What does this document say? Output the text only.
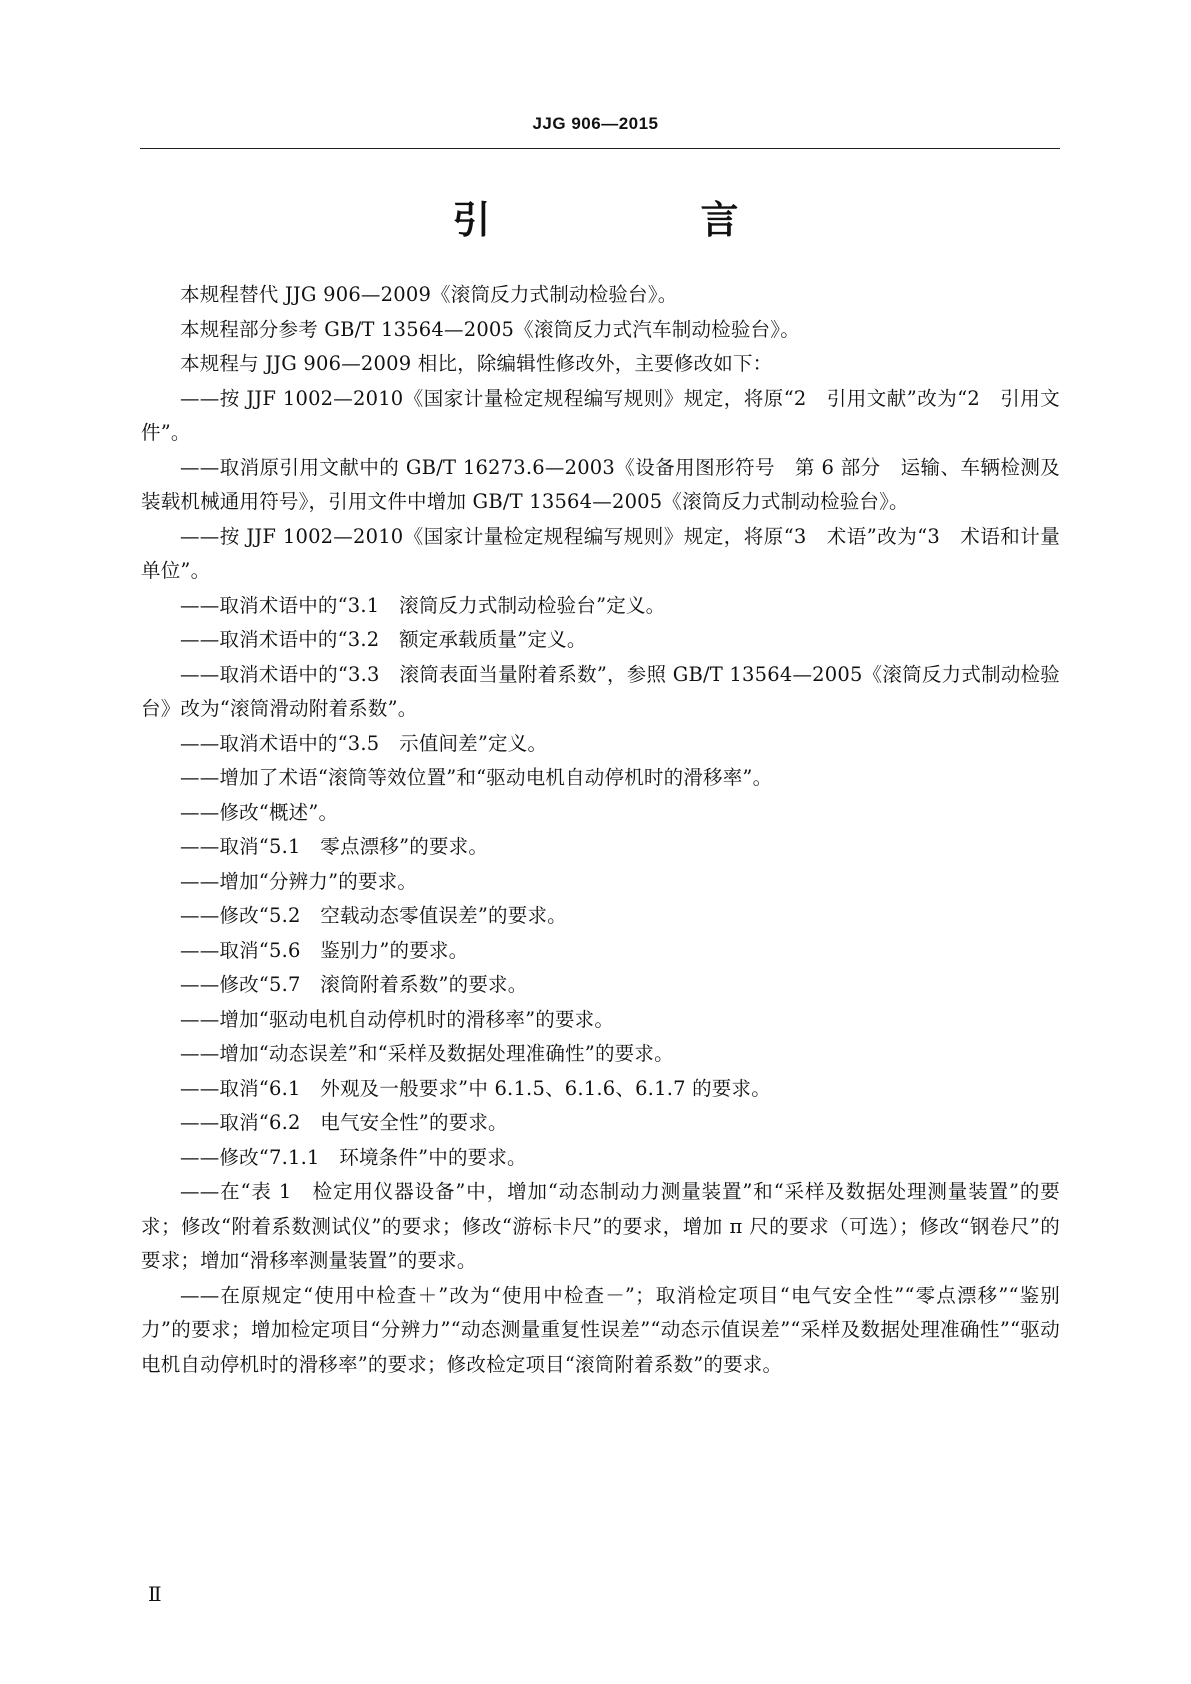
JJG 906—2015
引　言

本规程替代 JJG 906—2009《滚筒反力式制动检验台》。

本规程部分参考 GB/T 13564—2005《滚筒反力式汽车制动检验台》。

本规程与 JJG 906—2009 相比，除编辑性修改外，主要修改如下：

——按 JJF 1002—2010《国家计量检定规程编写规则》规定，将原“2　引用文献”改为“2　引用文件”。

——取消原引用文献中的 GB/T 16273.6—2003《设备用图形符号　第 6 部分　运输、车辆检测及装载机械通用符号》，引用文件中增加 GB/T 13564—2005《滚筒反力式制动检验台》。

——按 JJF 1002—2010《国家计量检定规程编写规则》规定，将原“3　术语”改为“3　术语和计量单位”。

——取消术语中的“3.1　滚筒反力式制动检验台”定义。

——取消术语中的“3.2　额定承载质量”定义。

——取消术语中的“3.3　滚筒表面当量附着系数”，参照 GB/T 13564—2005《滚筒反力式制动检验台》改为“滚筒滑动附着系数”。

——取消术语中的“3.5　示值间差”定义。

——增加了术语“滚筒等效位置”和“驱动电机自动停机时的滑移率”。

——修改“概述”。

——取消“5.1　零点漂移”的要求。

——增加“分辨力”的要求。

——修改“5.2　空载动态零值误差”的要求。

——取消“5.6　鉴别力”的要求。

——修改“5.7　滚筒附着系数”的要求。

——增加“驱动电机自动停机时的滑移率”的要求。

——增加“动态误差”和“采样及数据处理准确性”的要求。

——取消“6.1　外观及一般要求”中 6.1.5、6.1.6、6.1.7 的要求。

——取消“6.2　电气安全性”的要求。

——修改“7.1.1　环境条件”中的要求。

——在“表 1　检定用仪器设备”中，增加“动态制动力测量装置”和“采样及数据处理测量装置”的要求；修改“附着系数测试仪”的要求；修改“游标卡尺”的要求，增加 π 尺的要求（可选）；修改“钢卷尺”的要求；增加“滑移率测量装置”的要求。

——在原规定“使用中检查＋”改为“使用中检查－”；取消检定项目“电气安全性”“零点漂移”“鉴别力”的要求；增加检定项目“分辨力”“动态测量重复性误差”“动态示值误差”“采样及数据处理准确性”“驱动电机自动停机时的滑移率”的要求；修改检定项目“滚筒附着系数”的要求。

Ⅱ
